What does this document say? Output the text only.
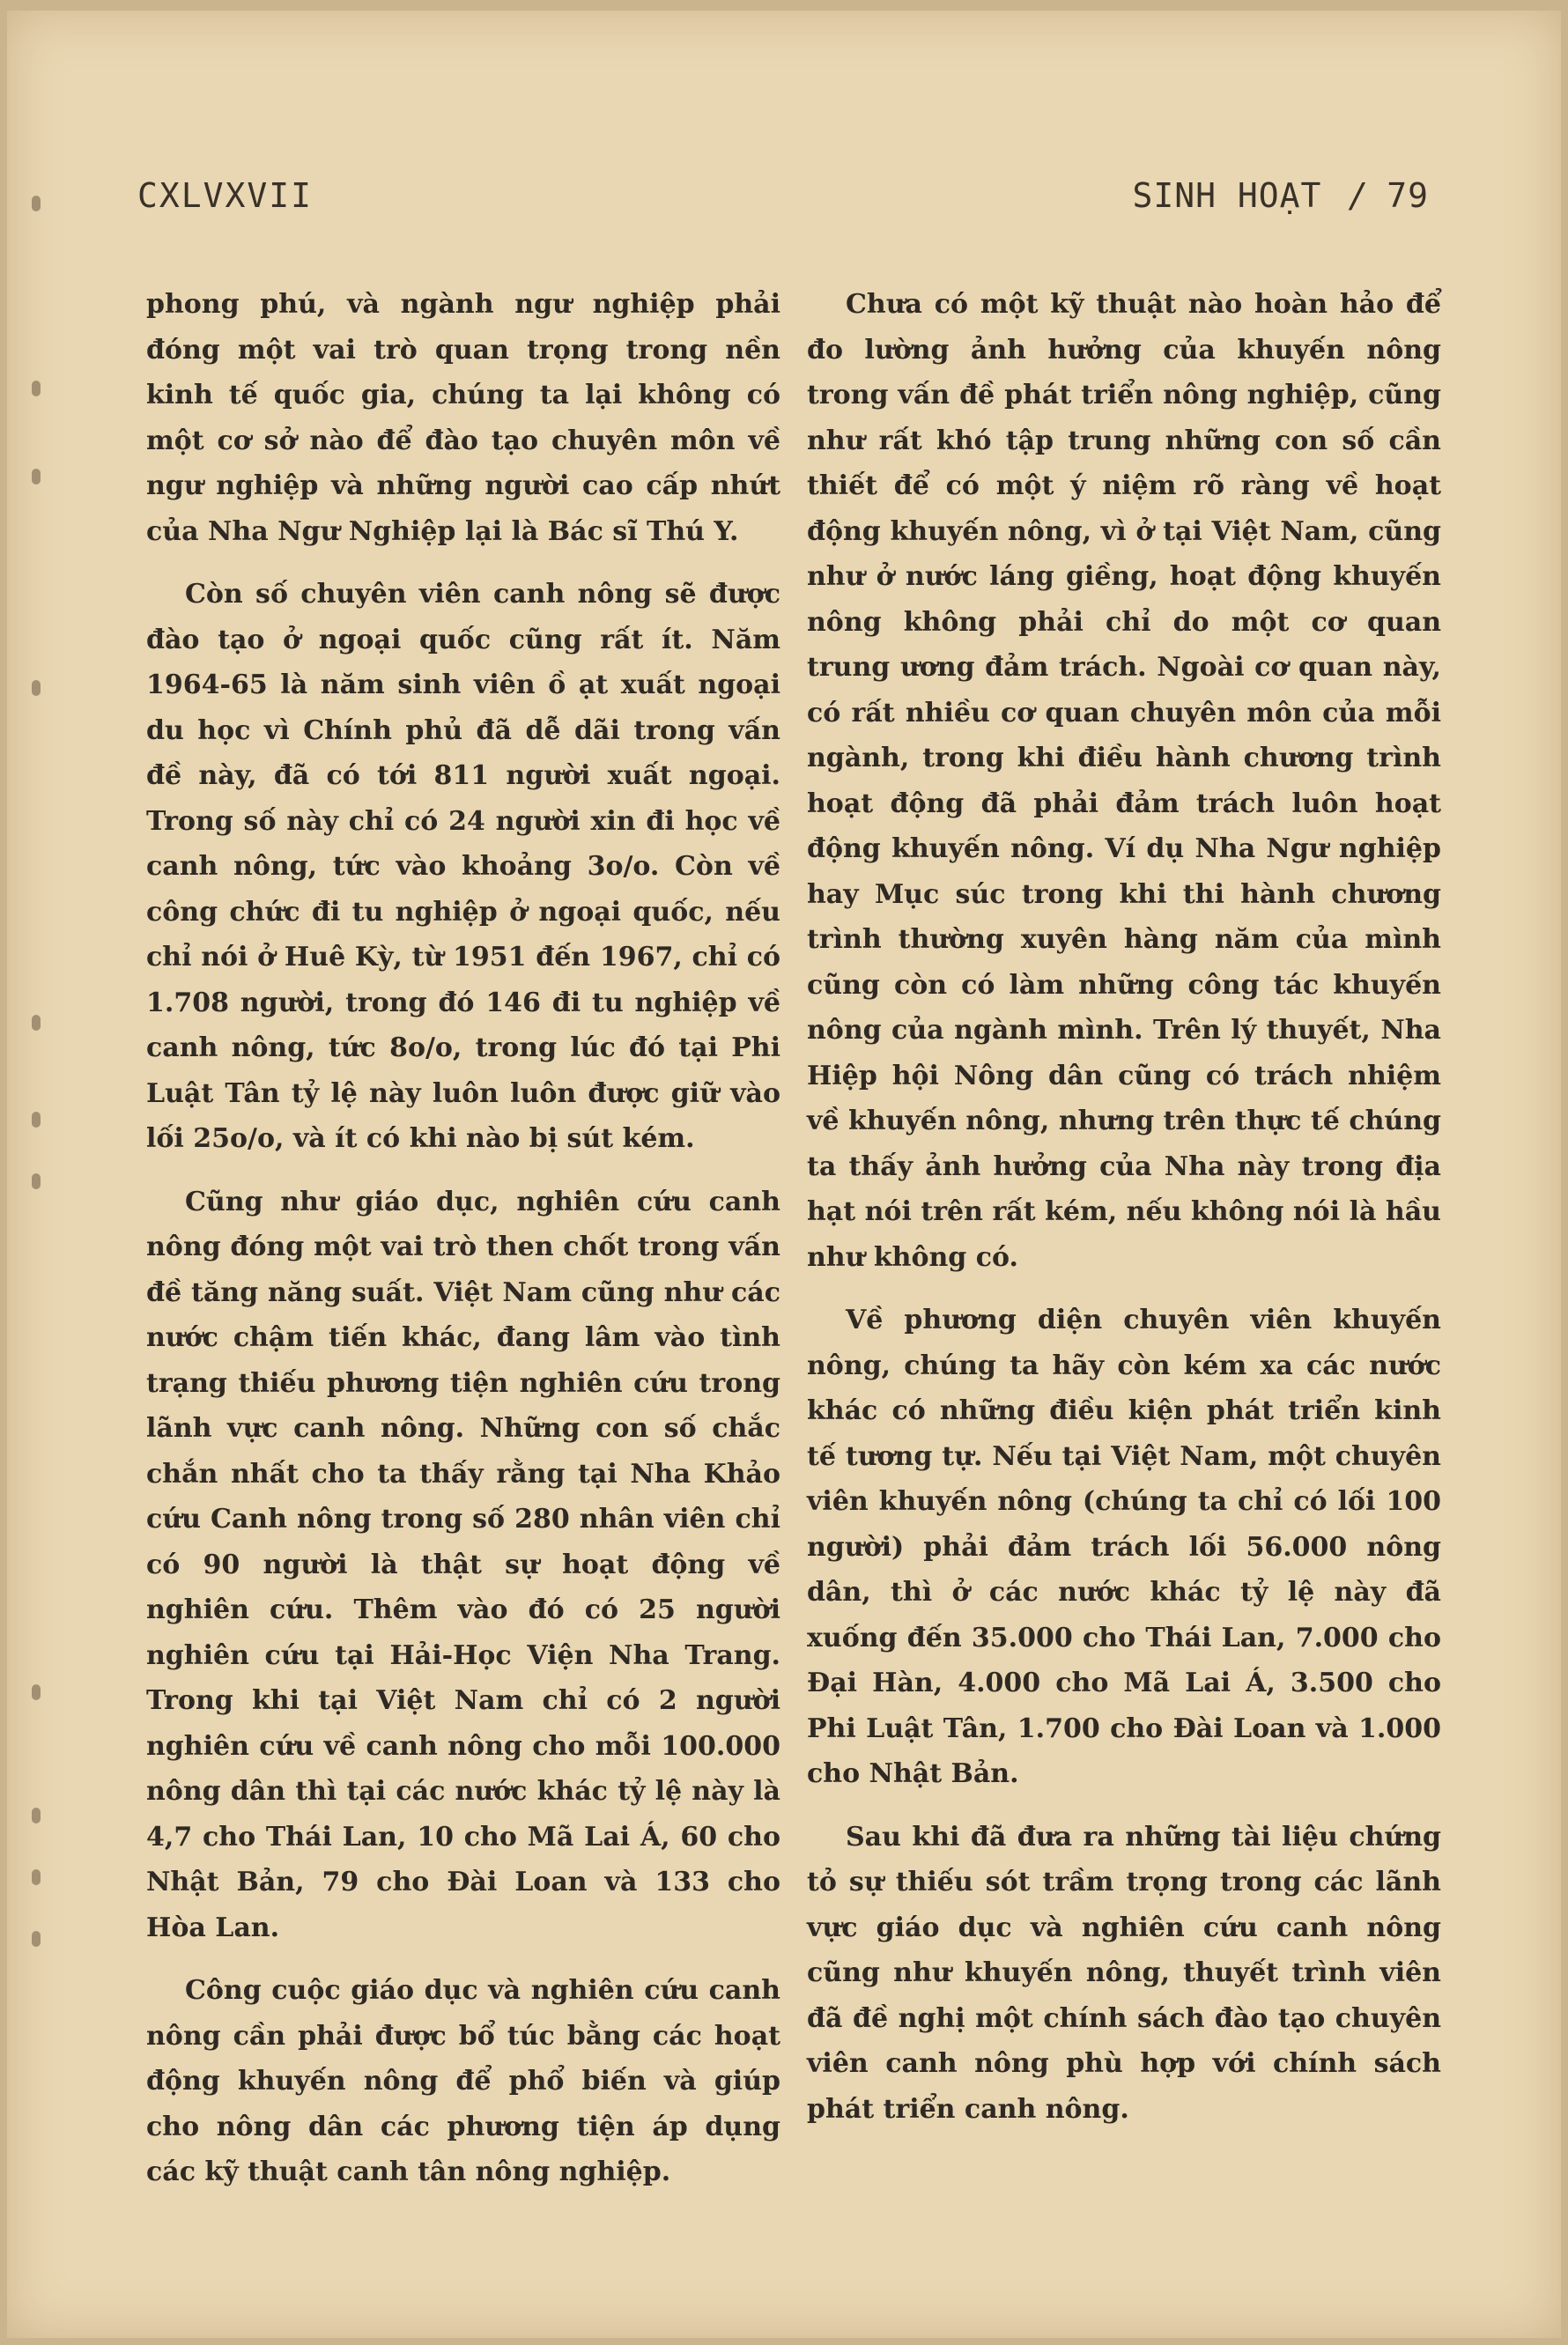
CXLVXVII	SINH HOẠT / 79

phong phú, và ngành ngư nghiệp phải đóng một vai trò quan trọng trong nền kinh tế quốc gia, chúng ta lại không có một cơ sở nào để đào tạo chuyên môn về ngư nghiệp và những người cao cấp nhứt của Nha Ngư Nghiệp lại là Bác sĩ Thú Y.

Còn số chuyên viên canh nông sẽ được đào tạo ở ngoại quốc cũng rất ít. Năm 1964-65 là năm sinh viên ồ ạt xuất ngoại du học vì Chính phủ đã dễ dãi trong vấn đề này, đã có tới 811 người xuất ngoại. Trong số này chỉ có 24 người xin đi học về canh nông, tức vào khoảng 3o/o. Còn về công chức đi tu nghiệp ở ngoại quốc, nếu chỉ nói ở Huê Kỳ, từ 1951 đến 1967, chỉ có 1.708 người, trong đó 146 đi tu nghiệp về canh nông, tức 8o/o, trong lúc đó tại Phi Luật Tân tỷ lệ này luôn luôn được giữ vào lối 25o/o, và ít có khi nào bị sút kém.

Cũng như giáo dục, nghiên cứu canh nông đóng một vai trò then chốt trong vấn đề tăng năng suất. Việt Nam cũng như các nước chậm tiến khác, đang lâm vào tình trạng thiếu phương tiện nghiên cứu trong lãnh vực canh nông. Những con số chắc chắn nhất cho ta thấy rằng tại Nha Khảo cứu Canh nông trong số 280 nhân viên chỉ có 90 người là thật sự hoạt động về nghiên cứu. Thêm vào đó có 25 người nghiên cứu tại Hải-Học Viện Nha Trang. Trong khi tại Việt Nam chỉ có 2 người nghiên cứu về canh nông cho mỗi 100.000 nông dân thì tại các nước khác tỷ lệ này là 4,7 cho Thái Lan, 10 cho Mã Lai Á, 60 cho Nhật Bản, 79 cho Đài Loan và 133 cho Hòa Lan.

Công cuộc giáo dục và nghiên cứu canh nông cần phải được bổ túc bằng các hoạt động khuyến nông để phổ biến và giúp cho nông dân các phương tiện áp dụng các kỹ thuật canh tân nông nghiệp.

Chưa có một kỹ thuật nào hoàn hảo để đo lường ảnh hưởng của khuyến nông trong vấn đề phát triển nông nghiệp, cũng như rất khó tập trung những con số cần thiết để có một ý niệm rõ ràng về hoạt động khuyến nông, vì ở tại Việt Nam, cũng như ở nước láng giềng, hoạt động khuyến nông không phải chỉ do một cơ quan trung ương đảm trách. Ngoài cơ quan này, có rất nhiều cơ quan chuyên môn của mỗi ngành, trong khi điều hành chương trình hoạt động đã phải đảm trách luôn hoạt động khuyến nông. Ví dụ Nha Ngư nghiệp hay Mục súc trong khi thi hành chương trình thường xuyên hàng năm của mình cũng còn có làm những công tác khuyến nông của ngành mình. Trên lý thuyết, Nha Hiệp hội Nông dân cũng có trách nhiệm về khuyến nông, nhưng trên thực tế chúng ta thấy ảnh hưởng của Nha này trong địa hạt nói trên rất kém, nếu không nói là hầu như không có.

Về phương diện chuyên viên khuyến nông, chúng ta hãy còn kém xa các nước khác có những điều kiện phát triển kinh tế tương tự. Nếu tại Việt Nam, một chuyên viên khuyến nông (chúng ta chỉ có lối 100 người) phải đảm trách lối 56.000 nông dân, thì ở các nước khác tỷ lệ này đã xuống đến 35.000 cho Thái Lan, 7.000 cho Đại Hàn, 4.000 cho Mã Lai Á, 3.500 cho Phi Luật Tân, 1.700 cho Đài Loan và 1.000 cho Nhật Bản.

Sau khi đã đưa ra những tài liệu chứng tỏ sự thiếu sót trầm trọng trong các lãnh vực giáo dục và nghiên cứu canh nông cũng như khuyến nông, thuyết trình viên đã đề nghị một chính sách đào tạo chuyên viên canh nông phù hợp với chính sách phát triển canh nông.
